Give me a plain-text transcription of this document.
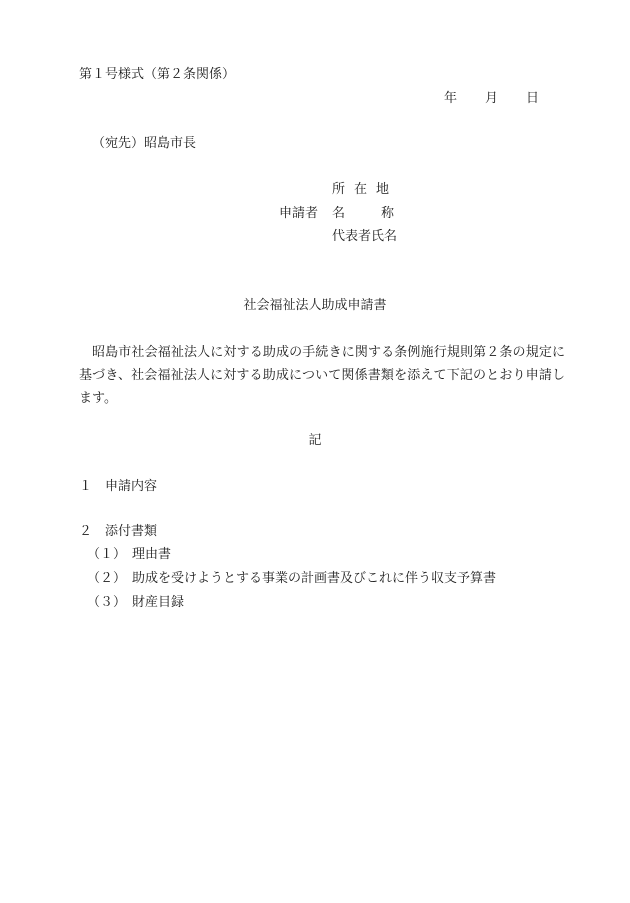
第１号様式（第２条関係）
年 月 日
（宛先）昭島市長
所在地
申請者 名	称
代表者氏名
社会福祉法人助成申請書
昭島市社会福祉法人に対する助成の手続きに関する条例施行規則第２条の規定に基づき、社会福祉法人に対する助成について関係書類を添えて下記のとおり申請します。
記
１ 申請内容
２ 添付書類
（１） 理由書
（２） 助成を受けようとする事業の計画書及びこれに伴う収支予算書
（３） 財産目録
